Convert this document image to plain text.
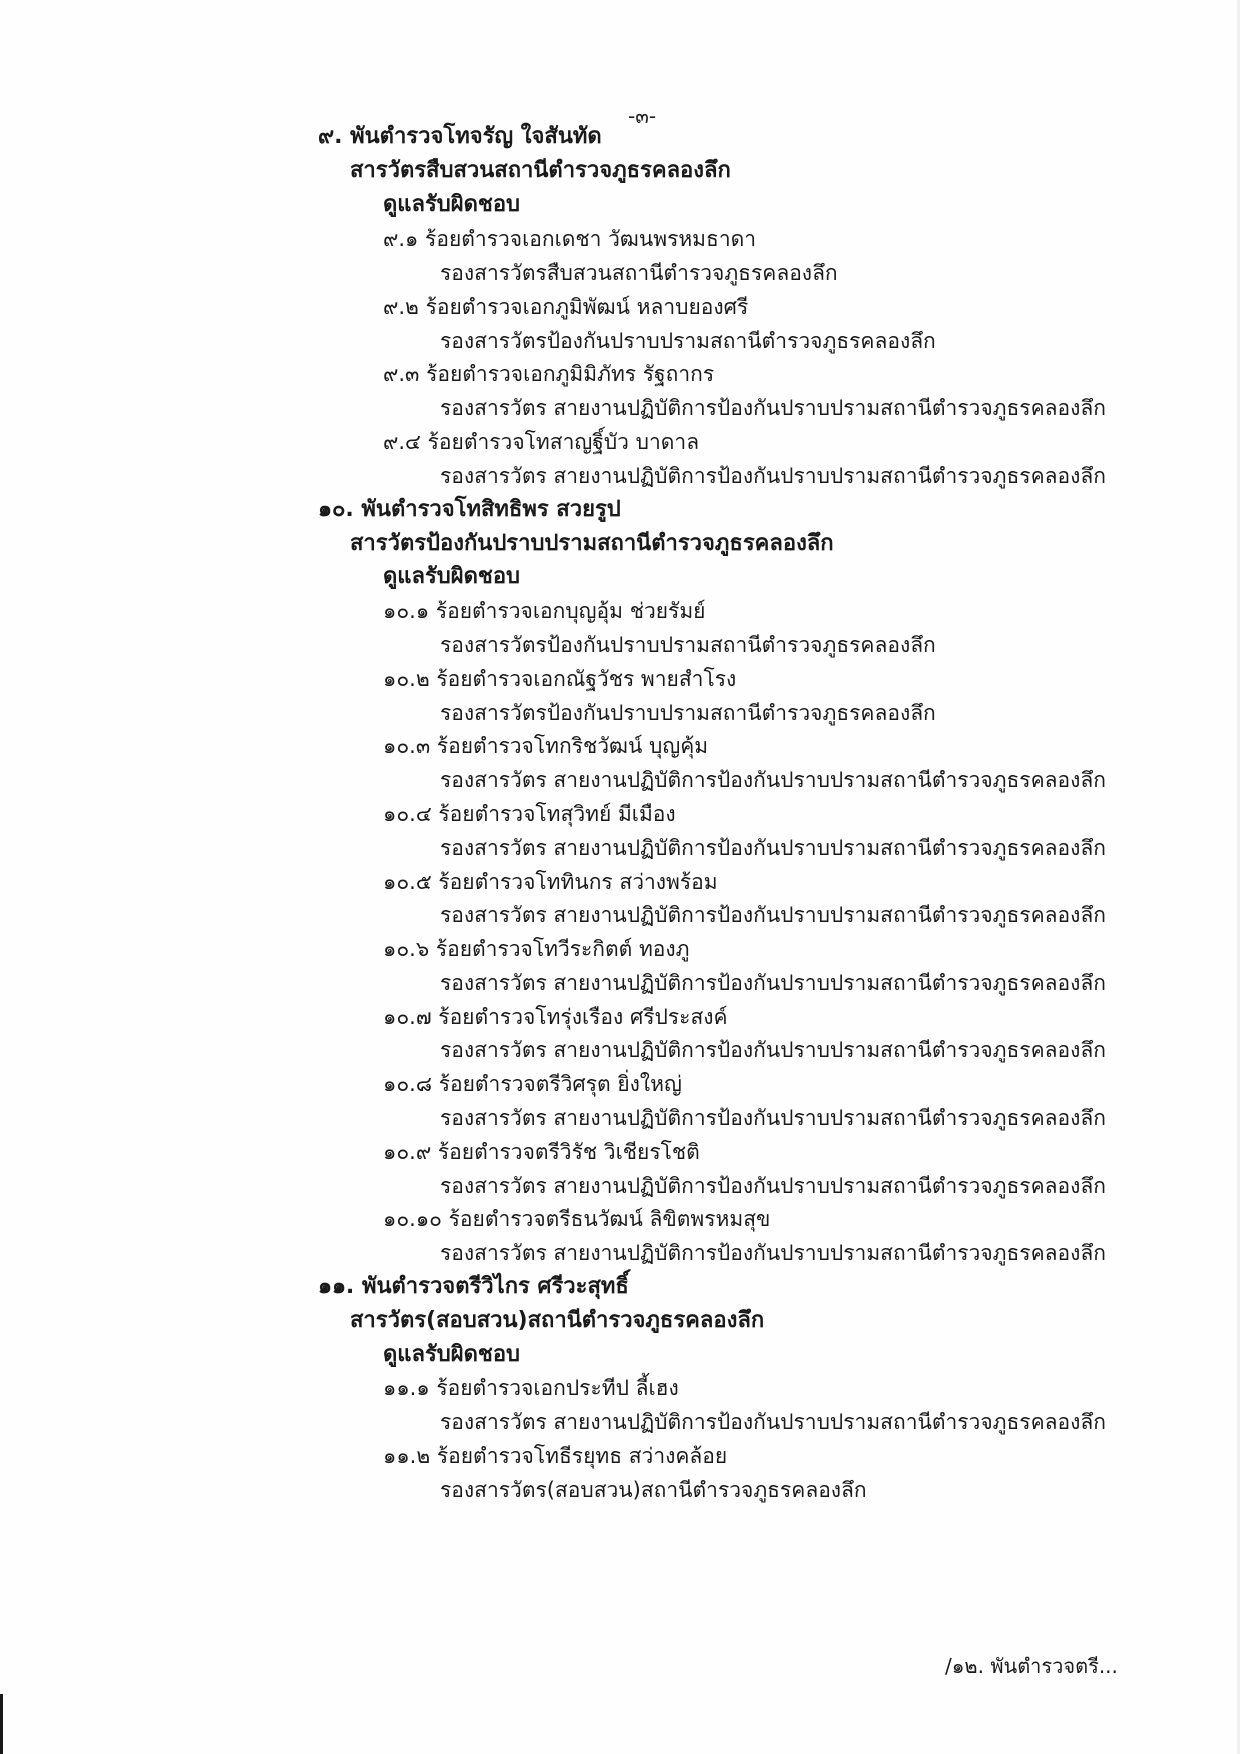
-๓-
๙. พันตำรวจโทจรัญ ใจสันทัด
สารวัตรสืบสวนสถานีตำรวจภูธรคลองลึก
ดูแลรับผิดชอบ
๙.๑ ร้อยตำรวจเอกเดชา วัฒนพรหมธาดา
รองสารวัตรสืบสวนสถานีตำรวจภูธรคลองลึก
๙.๒ ร้อยตำรวจเอกภูมิพัฒน์ หลาบยองศรี
รองสารวัตรป้องกันปราบปรามสถานีตำรวจภูธรคลองลึก
๙.๓ ร้อยตำรวจเอกภูมิมิภัทร รัฐถากร
รองสารวัตร สายงานปฏิบัติการป้องกันปราบปรามสถานีตำรวจภูธรคลองลึก
๙.๔ ร้อยตำรวจโทสาญฐิ์บัว บาดาล
รองสารวัตร สายงานปฏิบัติการป้องกันปราบปรามสถานีตำรวจภูธรคลองลึก
๑๐. พันตำรวจโทสิทธิพร สวยรูป
สารวัตรป้องกันปราบปรามสถานีตำรวจภูธรคลองลึก
ดูแลรับผิดชอบ
๑๐.๑ ร้อยตำรวจเอกบุญอุ้ม ช่วยรัมย์
รองสารวัตรป้องกันปราบปรามสถานีตำรวจภูธรคลองลึก
๑๐.๒ ร้อยตำรวจเอกณัฐวัชร พายสำโรง
รองสารวัตรป้องกันปราบปรามสถานีตำรวจภูธรคลองลึก
๑๐.๓ ร้อยตำรวจโทกริชวัฒน์ บุญคุ้ม
รองสารวัตร สายงานปฏิบัติการป้องกันปราบปรามสถานีตำรวจภูธรคลองลึก
๑๐.๔ ร้อยตำรวจโทสุวิทย์ มีเมือง
รองสารวัตร สายงานปฏิบัติการป้องกันปราบปรามสถานีตำรวจภูธรคลองลึก
๑๐.๕ ร้อยตำรวจโททินกร สว่างพร้อม
รองสารวัตร สายงานปฏิบัติการป้องกันปราบปรามสถานีตำรวจภูธรคลองลึก
๑๐.๖ ร้อยตำรวจโทวีระกิตต์ ทองภู
รองสารวัตร สายงานปฏิบัติการป้องกันปราบปรามสถานีตำรวจภูธรคลองลึก
๑๐.๗ ร้อยตำรวจโทรุ่งเรือง ศรีประสงค์
รองสารวัตร สายงานปฏิบัติการป้องกันปราบปรามสถานีตำรวจภูธรคลองลึก
๑๐.๘ ร้อยตำรวจตรีวิศรุต ยิ่งใหญ่
รองสารวัตร สายงานปฏิบัติการป้องกันปราบปรามสถานีตำรวจภูธรคลองลึก
๑๐.๙ ร้อยตำรวจตรีวิรัช วิเชียรโชติ
รองสารวัตร สายงานปฏิบัติการป้องกันปราบปรามสถานีตำรวจภูธรคลองลึก
๑๐.๑๐ ร้อยตำรวจตรีธนวัฒน์ ลิขิตพรหมสุข
รองสารวัตร สายงานปฏิบัติการป้องกันปราบปรามสถานีตำรวจภูธรคลองลึก
๑๑. พันตำรวจตรีวิไกร ศรีวะสุทธิ์
สารวัตร(สอบสวน)สถานีตำรวจภูธรคลองลึก
ดูแลรับผิดชอบ
๑๑.๑ ร้อยตำรวจเอกประทีป ลี้เฮง
รองสารวัตร สายงานปฏิบัติการป้องกันปราบปรามสถานีตำรวจภูธรคลองลึก
๑๑.๒ ร้อยตำรวจโทธีรยุทธ สว่างคล้อย
รองสารวัตร(สอบสวน)สถานีตำรวจภูธรคลองลึก
/๑๒. พันตำรวจตรี...
